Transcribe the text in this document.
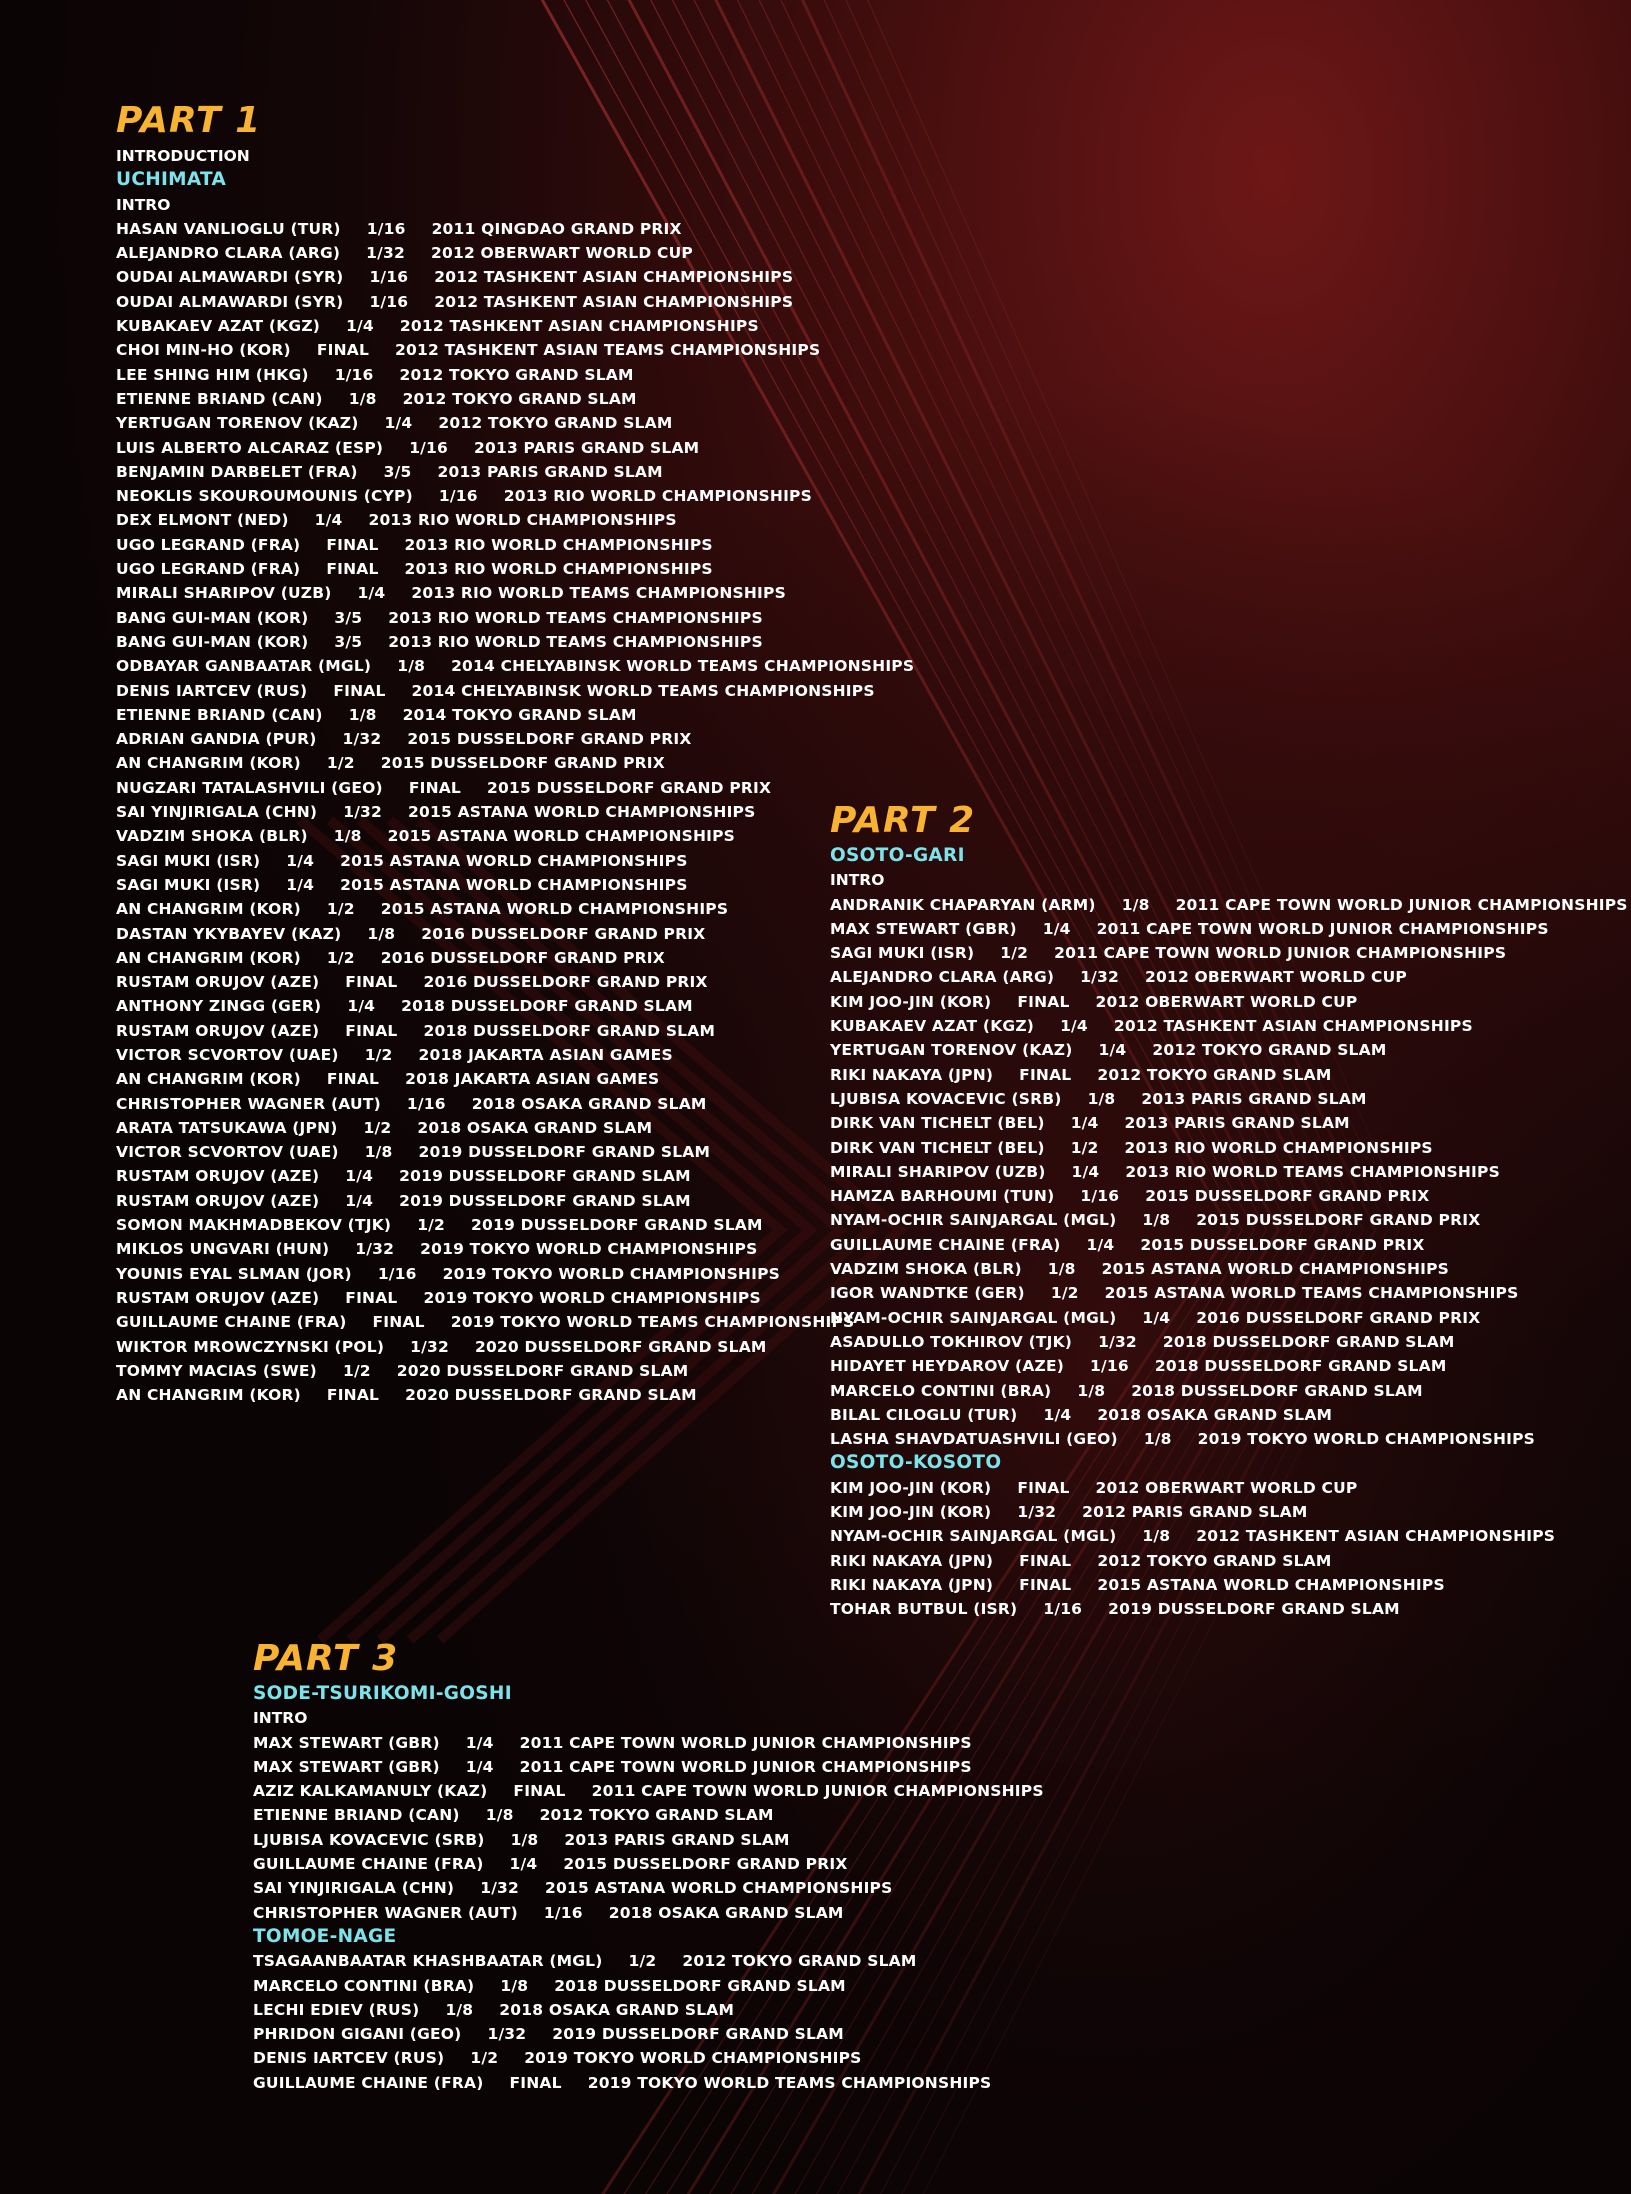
PART 1
INTRODUCTION
UCHIMATA
INTRO
HASAN VANLIOGLU (TUR) 1/16 2011 QINGDAO GRAND PRIX
ALEJANDRO CLARA (ARG) 1/32 2012 OBERWART WORLD CUP
OUDAI ALMAWARDI (SYR) 1/16 2012 TASHKENT ASIAN CHAMPIONSHIPS
OUDAI ALMAWARDI (SYR) 1/16 2012 TASHKENT ASIAN CHAMPIONSHIPS
KUBAKAEV AZAT (KGZ) 1/4 2012 TASHKENT ASIAN CHAMPIONSHIPS
CHOI MIN-HO (KOR) FINAL 2012 TASHKENT ASIAN TEAMS CHAMPIONSHIPS
LEE SHING HIM (HKG) 1/16 2012 TOKYO GRAND SLAM
ETIENNE BRIAND (CAN) 1/8 2012 TOKYO GRAND SLAM
YERTUGAN TORENOV (KAZ) 1/4 2012 TOKYO GRAND SLAM
LUIS ALBERTO ALCARAZ (ESP) 1/16 2013 PARIS GRAND SLAM
BENJAMIN DARBELET (FRA) 3/5 2013 PARIS GRAND SLAM
NEOKLIS SKOUROUMOUNIS (CYP) 1/16 2013 RIO WORLD CHAMPIONSHIPS
DEX ELMONT (NED) 1/4 2013 RIO WORLD CHAMPIONSHIPS
UGO LEGRAND (FRA) FINAL 2013 RIO WORLD CHAMPIONSHIPS
UGO LEGRAND (FRA) FINAL 2013 RIO WORLD CHAMPIONSHIPS
MIRALI SHARIPOV (UZB) 1/4 2013 RIO WORLD TEAMS CHAMPIONSHIPS
BANG GUI-MAN (KOR) 3/5 2013 RIO WORLD TEAMS CHAMPIONSHIPS
BANG GUI-MAN (KOR) 3/5 2013 RIO WORLD TEAMS CHAMPIONSHIPS
ODBAYAR GANBAATAR (MGL) 1/8 2014 CHELYABINSK WORLD TEAMS CHAMPIONSHIPS
DENIS IARTCEV (RUS) FINAL 2014 CHELYABINSK WORLD TEAMS CHAMPIONSHIPS
ETIENNE BRIAND (CAN) 1/8 2014 TOKYO GRAND SLAM
ADRIAN GANDIA (PUR) 1/32 2015 DUSSELDORF GRAND PRIX
AN CHANGRIM (KOR) 1/2 2015 DUSSELDORF GRAND PRIX
NUGZARI TATALASHVILI (GEO) FINAL 2015 DUSSELDORF GRAND PRIX
SAI YINJIRIGALA (CHN) 1/32 2015 ASTANA WORLD CHAMPIONSHIPS
VADZIM SHOKA (BLR) 1/8 2015 ASTANA WORLD CHAMPIONSHIPS
SAGI MUKI (ISR) 1/4 2015 ASTANA WORLD CHAMPIONSHIPS
SAGI MUKI (ISR) 1/4 2015 ASTANA WORLD CHAMPIONSHIPS
AN CHANGRIM (KOR) 1/2 2015 ASTANA WORLD CHAMPIONSHIPS
DASTAN YKYBAYEV (KAZ) 1/8 2016 DUSSELDORF GRAND PRIX
AN CHANGRIM (KOR) 1/2 2016 DUSSELDORF GRAND PRIX
RUSTAM ORUJOV (AZE) FINAL 2016 DUSSELDORF GRAND PRIX
ANTHONY ZINGG (GER) 1/4 2018 DUSSELDORF GRAND SLAM
RUSTAM ORUJOV (AZE) FINAL 2018 DUSSELDORF GRAND SLAM
VICTOR SCVORTOV (UAE) 1/2 2018 JAKARTA ASIAN GAMES
AN CHANGRIM (KOR) FINAL 2018 JAKARTA ASIAN GAMES
CHRISTOPHER WAGNER (AUT) 1/16 2018 OSAKA GRAND SLAM
ARATA TATSUKAWA (JPN) 1/2 2018 OSAKA GRAND SLAM
VICTOR SCVORTOV (UAE) 1/8 2019 DUSSELDORF GRAND SLAM
RUSTAM ORUJOV (AZE) 1/4 2019 DUSSELDORF GRAND SLAM
RUSTAM ORUJOV (AZE) 1/4 2019 DUSSELDORF GRAND SLAM
SOMON MAKHMADBEKOV (TJK) 1/2 2019 DUSSELDORF GRAND SLAM
MIKLOS UNGVARI (HUN) 1/32 2019 TOKYO WORLD CHAMPIONSHIPS
YOUNIS EYAL SLMAN (JOR) 1/16 2019 TOKYO WORLD CHAMPIONSHIPS
RUSTAM ORUJOV (AZE) FINAL 2019 TOKYO WORLD CHAMPIONSHIPS
GUILLAUME CHAINE (FRA) FINAL 2019 TOKYO WORLD TEAMS CHAMPIONSHIPS
WIKTOR MROWCZYNSKI (POL) 1/32 2020 DUSSELDORF GRAND SLAM
TOMMY MACIAS (SWE) 1/2 2020 DUSSELDORF GRAND SLAM
AN CHANGRIM (KOR) FINAL 2020 DUSSELDORF GRAND SLAM
PART 2
OSOTO-GARI
INTRO
ANDRANIK CHAPARYAN (ARM) 1/8 2011 CAPE TOWN WORLD JUNIOR CHAMPIONSHIPS
MAX STEWART (GBR) 1/4 2011 CAPE TOWN WORLD JUNIOR CHAMPIONSHIPS
SAGI MUKI (ISR) 1/2 2011 CAPE TOWN WORLD JUNIOR CHAMPIONSHIPS
ALEJANDRO CLARA (ARG) 1/32 2012 OBERWART WORLD CUP
KIM JOO-JIN (KOR) FINAL 2012 OBERWART WORLD CUP
KUBAKAEV AZAT (KGZ) 1/4 2012 TASHKENT ASIAN CHAMPIONSHIPS
YERTUGAN TORENOV (KAZ) 1/4 2012 TOKYO GRAND SLAM
RIKI NAKAYA (JPN) FINAL 2012 TOKYO GRAND SLAM
LJUBISA KOVACEVIC (SRB) 1/8 2013 PARIS GRAND SLAM
DIRK VAN TICHELT (BEL) 1/4 2013 PARIS GRAND SLAM
DIRK VAN TICHELT (BEL) 1/2 2013 RIO WORLD CHAMPIONSHIPS
MIRALI SHARIPOV (UZB) 1/4 2013 RIO WORLD TEAMS CHAMPIONSHIPS
HAMZA BARHOUMI (TUN) 1/16 2015 DUSSELDORF GRAND PRIX
NYAM-OCHIR SAINJARGAL (MGL) 1/8 2015 DUSSELDORF GRAND PRIX
GUILLAUME CHAINE (FRA) 1/4 2015 DUSSELDORF GRAND PRIX
VADZIM SHOKA (BLR) 1/8 2015 ASTANA WORLD CHAMPIONSHIPS
IGOR WANDTKE (GER) 1/2 2015 ASTANA WORLD TEAMS CHAMPIONSHIPS
NYAM-OCHIR SAINJARGAL (MGL) 1/4 2016 DUSSELDORF GRAND PRIX
ASADULLO TOKHIROV (TJK) 1/32 2018 DUSSELDORF GRAND SLAM
HIDAYET HEYDAROV (AZE) 1/16 2018 DUSSELDORF GRAND SLAM
MARCELO CONTINI (BRA) 1/8 2018 DUSSELDORF GRAND SLAM
BILAL CILOGLU (TUR) 1/4 2018 OSAKA GRAND SLAM
LASHA SHAVDATUASHVILI (GEO) 1/8 2019 TOKYO WORLD CHAMPIONSHIPS
OSOTO-KOSOTO
KIM JOO-JIN (KOR) FINAL 2012 OBERWART WORLD CUP
KIM JOO-JIN (KOR) 1/32 2012 PARIS GRAND SLAM
NYAM-OCHIR SAINJARGAL (MGL) 1/8 2012 TASHKENT ASIAN CHAMPIONSHIPS
RIKI NAKAYA (JPN) FINAL 2012 TOKYO GRAND SLAM
RIKI NAKAYA (JPN) FINAL 2015 ASTANA WORLD CHAMPIONSHIPS
TOHAR BUTBUL (ISR) 1/16 2019 DUSSELDORF GRAND SLAM
PART 3
SODE-TSURIKOMI-GOSHI
INTRO
MAX STEWART (GBR) 1/4 2011 CAPE TOWN WORLD JUNIOR CHAMPIONSHIPS
MAX STEWART (GBR) 1/4 2011 CAPE TOWN WORLD JUNIOR CHAMPIONSHIPS
AZIZ KALKAMANULY (KAZ) FINAL 2011 CAPE TOWN WORLD JUNIOR CHAMPIONSHIPS
ETIENNE BRIAND (CAN) 1/8 2012 TOKYO GRAND SLAM
LJUBISA KOVACEVIC (SRB) 1/8 2013 PARIS GRAND SLAM
GUILLAUME CHAINE (FRA) 1/4 2015 DUSSELDORF GRAND PRIX
SAI YINJIRIGALA (CHN) 1/32 2015 ASTANA WORLD CHAMPIONSHIPS
CHRISTOPHER WAGNER (AUT) 1/16 2018 OSAKA GRAND SLAM
TOMOE-NAGE
TSAGAANBAATAR KHASHBAATAR (MGL) 1/2 2012 TOKYO GRAND SLAM
MARCELO CONTINI (BRA) 1/8 2018 DUSSELDORF GRAND SLAM
LECHI EDIEV (RUS) 1/8 2018 OSAKA GRAND SLAM
PHRIDON GIGANI (GEO) 1/32 2019 DUSSELDORF GRAND SLAM
DENIS IARTCEV (RUS) 1/2 2019 TOKYO WORLD CHAMPIONSHIPS
GUILLAUME CHAINE (FRA) FINAL 2019 TOKYO WORLD TEAMS CHAMPIONSHIPS
